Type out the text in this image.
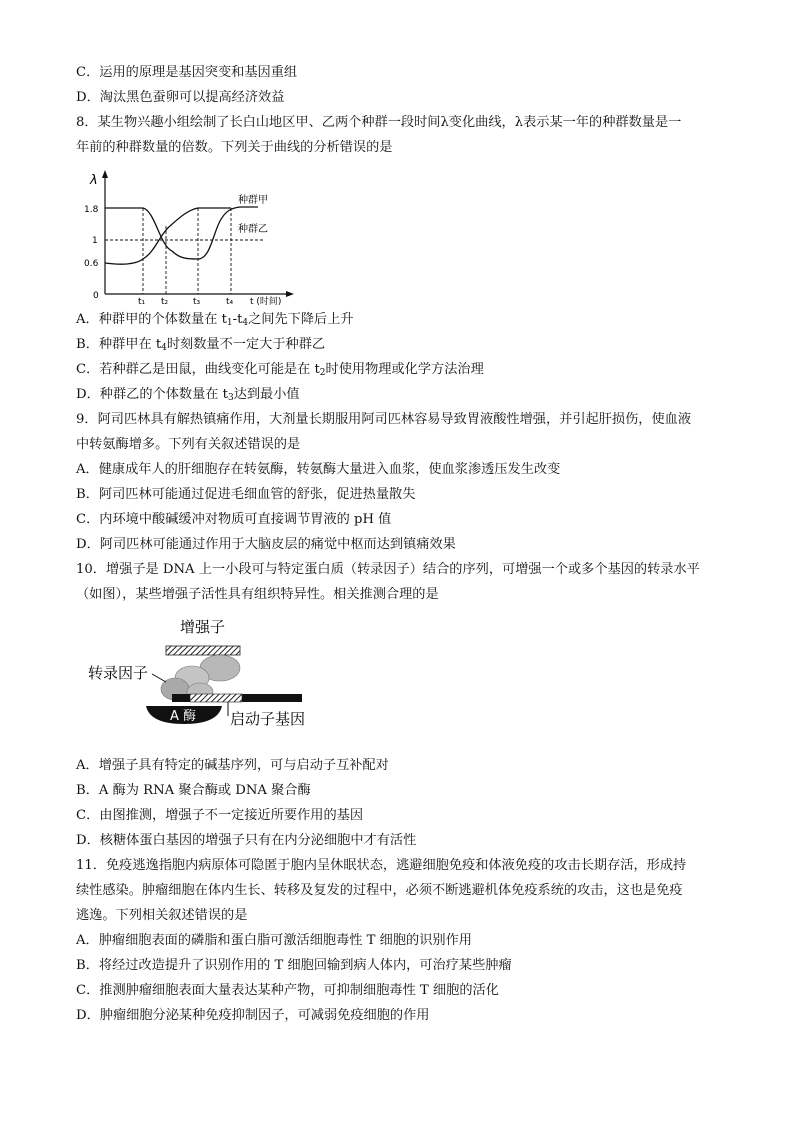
C．运用的原理是基因突变和基因重组
D．淘汰黑色蚕卵可以提高经济效益
8．某生物兴趣小组绘制了长白山地区甲、乙两个种群一段时间λ变化曲线，λ表示某一年的种群数量是一
年前的种群数量的倍数。下列关于曲线的分析错误的是
λ
1.8
1
0.6
0
种群甲
种群乙
t₁ t₂	t₃	t₄ t (时间)
A．种群甲的个体数量在 $t_1-t_4$之间先下降后上升
B．种群甲在 $t_4$时刻数量不一定大于种群乙
C．若种群乙是田鼠，曲线变化可能是在 $t_2$时使用物理或化学方法治理
D．种群乙的个体数量在 $t_3$达到最小值
9．阿司匹林具有解热镇痛作用，大剂量长期服用阿司匹林容易导致胃液酸性增强，并引起肝损伤，使血液
中转氨酶增多。下列有关叙述错误的是
A．健康成年人的肝细胞存在转氨酶，转氨酶大量进入血浆，使血浆渗透压发生改变
B．阿司匹林可能通过促进毛细血管的舒张，促进热量散失
C．内环境中酸碱缓冲对物质可直接调节胃液的 pH 值
D．阿司匹林可能通过作用于大脑皮层的痛觉中枢而达到镇痛效果
10．增强子是 DNA 上一小段可与特定蛋白质（转录因子）结合的序列，可增强一个或多个基因的转录水平
（如图），某些增强子活性具有组织特异性。相关推测合理的是
增强子
转录因子
A 酶 启动子基因
A．增强子具有特定的碱基序列，可与启动子互补配对
B．A 酶为 RNA 聚合酶或 DNA 聚合酶
C．由图推测，增强子不一定接近所要作用的基因
D．核糖体蛋白基因的增强子只有在内分泌细胞中才有活性
11．免疫逃逸指胞内病原体可隐匿于胞内呈休眠状态，逃避细胞免疫和体液免疫的攻击长期存活，形成持
续性感染。肿瘤细胞在体内生长、转移及复发的过程中，必须不断逃避机体免疫系统的攻击，这也是免疫
逃逸。下列相关叙述错误的是
A．肿瘤细胞表面的磷脂和蛋白脂可激活细胞毒性 T 细胞的识别作用
B．将经过改造提升了识别作用的 T 细胞回输到病人体内，可治疗某些肿瘤
C．推测肿瘤细胞表面大量表达某种产物，可抑制细胞毒性 T 细胞的活化
D．肿瘤细胞分泌某种免疫抑制因子，可减弱免疫细胞的作用
